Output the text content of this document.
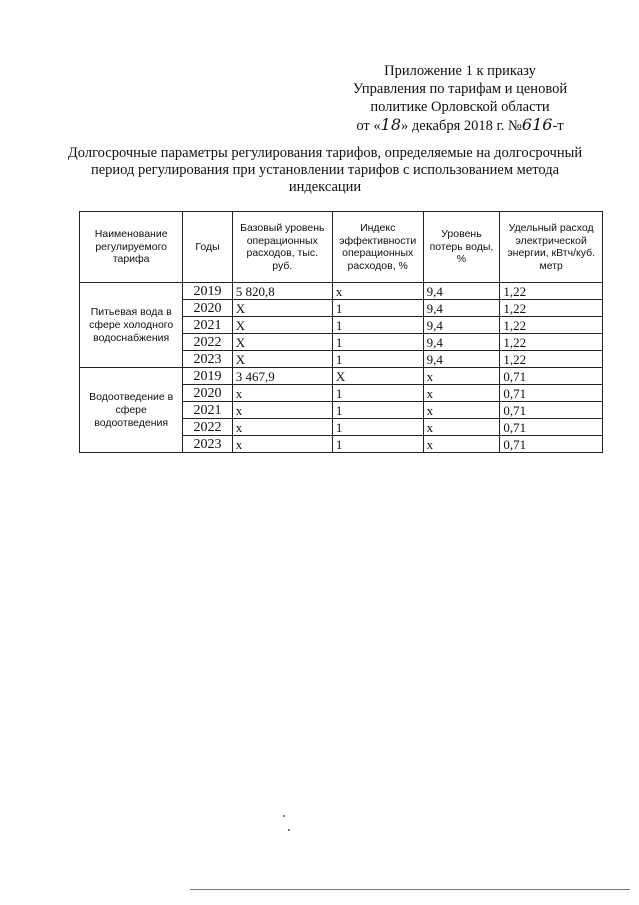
Приложение 1 к приказу
Управления по тарифам и ценовой
политике Орловской области
от «18» декабря 2018 г. №616-т
Долгосрочные параметры регулирования тарифов, определяемые на долгосрочный период регулирования при установлении тарифов с использованием метода индексации
Наименование регулируемого тарифа	Годы	Базовый уровень операционных расходов, тыс. руб.	Индекс эффективности операционных расходов, %	Уровень потерь воды, %	Удельный расход электрической энергии, кВтч/куб. метр
Питьевая вода в сфере холодного водоснабжения	2019	5 820,8	x	9,4	1,22
	2020	X	1	9,4	1,22
	2021	X	1	9,4	1,22
	2022	X	1	9,4	1,22
	2023	X	1	9,4	1,22
Водоотведение в сфере водоотведения	2019	3 467,9	X	x	0,71
	2020	x	1	x	0,71
	2021	x	1	x	0,71
	2022	x	1	x	0,71
	2023	x	1	x	0,71
